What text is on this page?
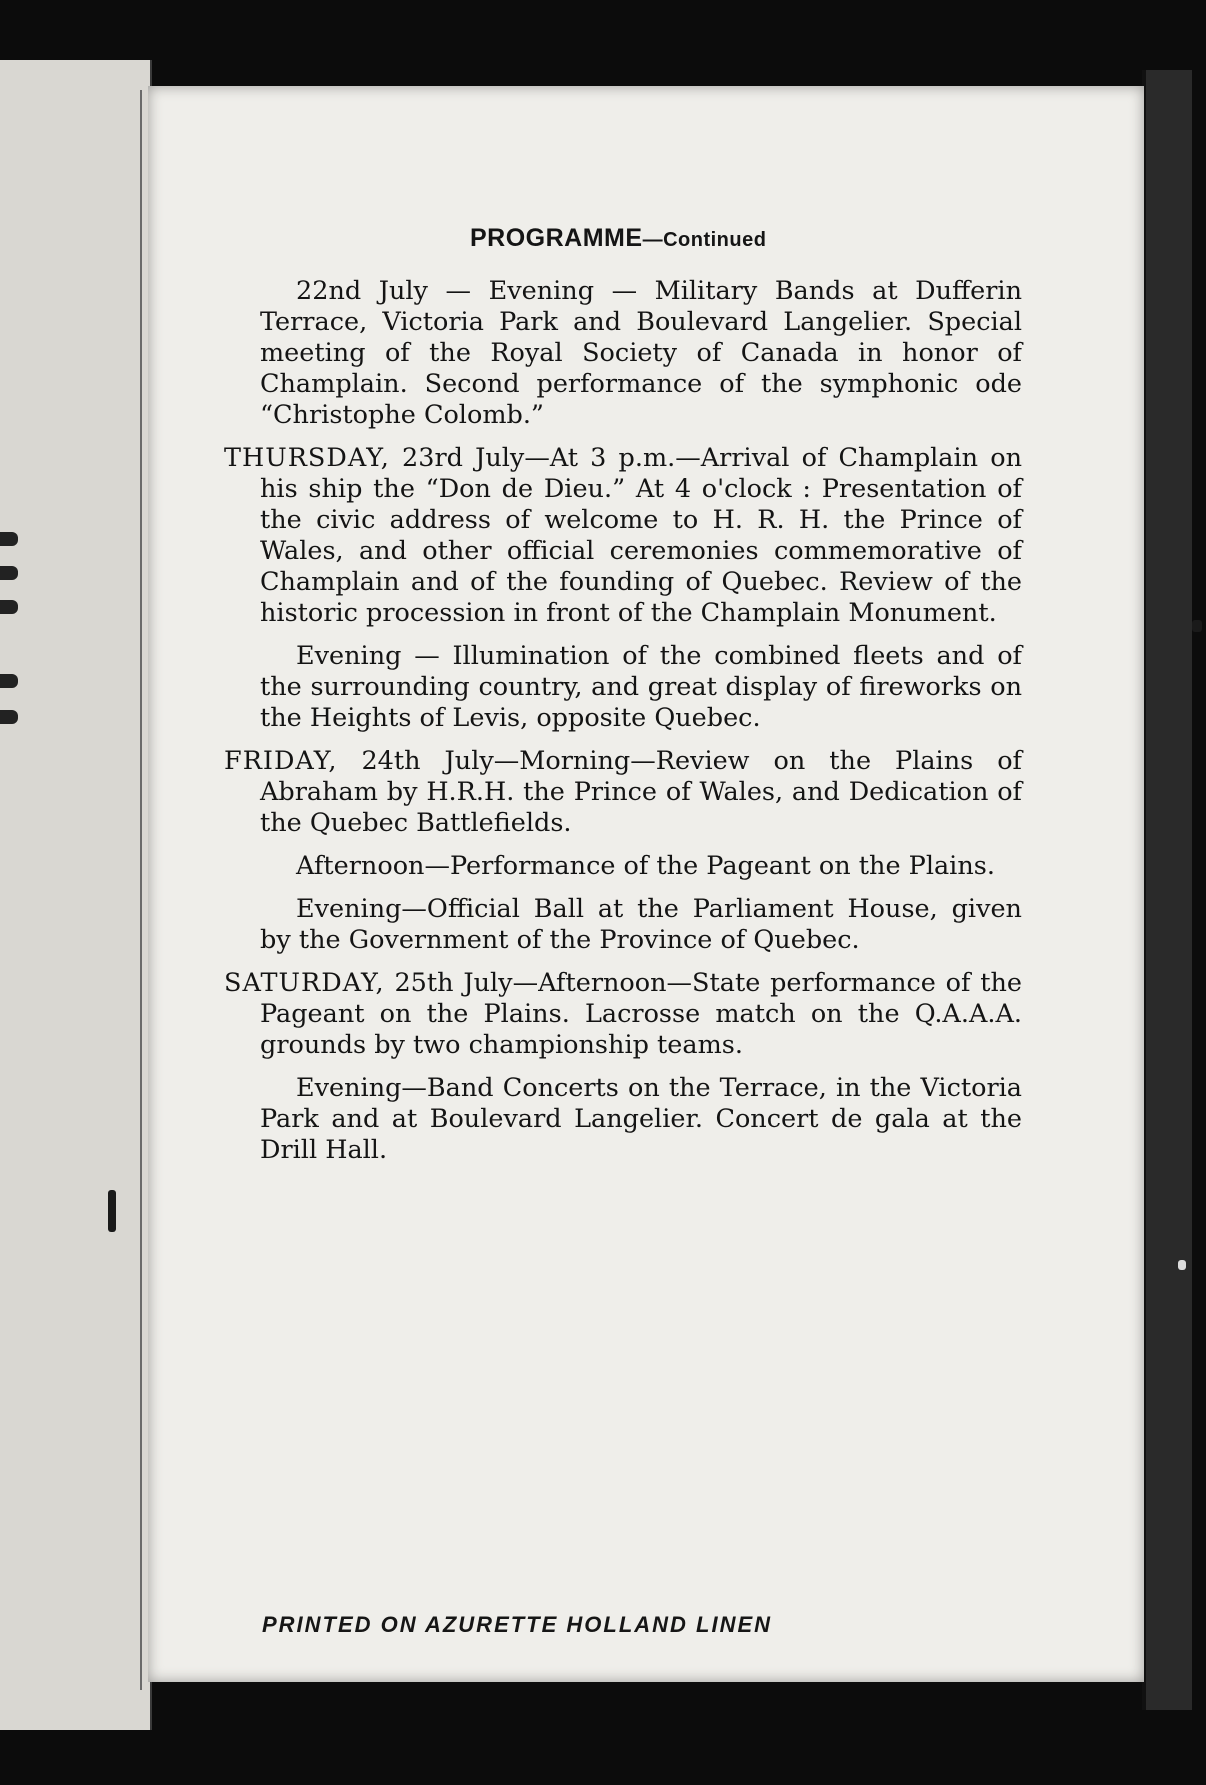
PROGRAMME—Continued

22nd July — Evening — Military Bands at Dufferin Terrace, Victoria Park and Boulevard Langelier. Special meeting of the Royal Society of Canada in honor of Champlain. Second performance of the symphonic ode “Christophe Colomb.”

THURSDAY, 23rd July—At 3 p.m.—Arrival of Champlain on his ship the “Don de Dieu.” At 4 o'clock : Presentation of the civic address of welcome to H. R. H. the Prince of Wales, and other official ceremonies commemorative of Champlain and of the founding of Quebec. Review of the historic procession in front of the Champlain Monument.

Evening — Illumination of the combined fleets and of the surrounding country, and great display of fireworks on the Heights of Levis, opposite Quebec.

FRIDAY, 24th July—Morning—Review on the Plains of Abraham by H.R.H. the Prince of Wales, and Dedication of the Quebec Battlefields.

Afternoon—Performance of the Pageant on the Plains.

Evening—Official Ball at the Parliament House, given by the Government of the Province of Quebec.

SATURDAY, 25th July—Afternoon—State performance of the Pageant on the Plains. Lacrosse match on the Q.A.A.A. grounds by two championship teams.

Evening—Band Concerts on the Terrace, in the Victoria Park and at Boulevard Langelier. Concert de gala at the Drill Hall.

PRINTED ON AZURETTE HOLLAND LINEN
